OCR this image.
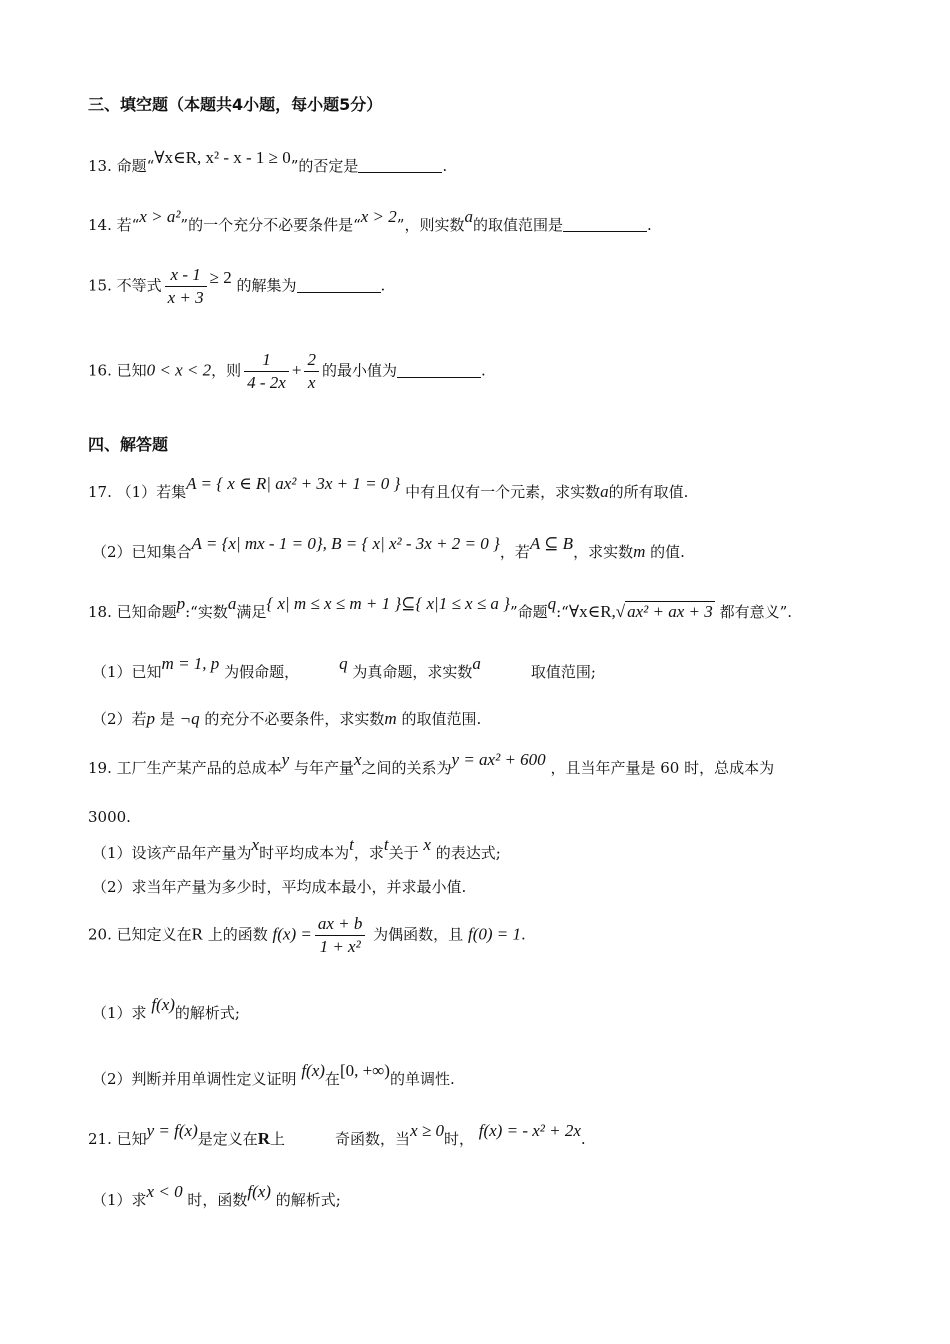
三、填空题（本题共4小题，每小题5分）
13. 命题“∀x∈R, x² - x - 1 ≥ 0”的否定是	.
14. 若“x > a²”的一个充分不必要条件是“x > 2”，则实数a的取值范围是	.
15. 不等式 $\frac{x - 1}{x + 3} \ge 2$ 的解集为	.
16. 已知0 < x < 2，则 $\frac{1}{4 - 2x} + \frac{2}{x}$ 的最小值为	.
四、解答题
17. （1）若集A = { x ∈ R| ax² + 3x + 1 = 0 } 中有且仅有一个元素，求实数a的所有取值.
（2）已知集合A = {x| mx - 1 = 0}, B = { x| x² - 3x + 2 = 0 }，若A ⊆ B，求实数m 的值.
18. 已知命题p:“实数a满足{ x| m ≤ x ≤ m + 1 }⊆{ x|1 ≤ x ≤ a }”命题q:“∀x∈R,√ ax² + ax + 3 都有意义”.
（1）已知m = 1, p 为假命题， q 为真命题，求实数a	取值范围;
（2）若p 是 ¬q 的充分不必要条件，求实数m 的取值范围.
19. 工厂生产某产品的总成本y 与年产量x之间的关系为y = ax² + 600 ，且当年产量是 60 时，总成本为
3000.
（1）设该产品年产量为x时平均成本为t，求t关于 x 的表达式;
（2）求当年产量为多少时，平均成本最小，并求最小值.
20. 已知定义在R 上的函数 $f(x) = \frac{ax + b}{\text{1 + x²}}$ 为偶函数，且 f(0) = 1.
（1）求 f(x)的解析式;
（2）判断并用单调性定义证明 f(x)在[0, +∞)的单调性.
21. 已知y = f(x)是定义在R上	奇函数，当x ≥ 0时， f(x) = - x² + 2x.
（1）求x < 0 时，函数f(x) 的解析式;
